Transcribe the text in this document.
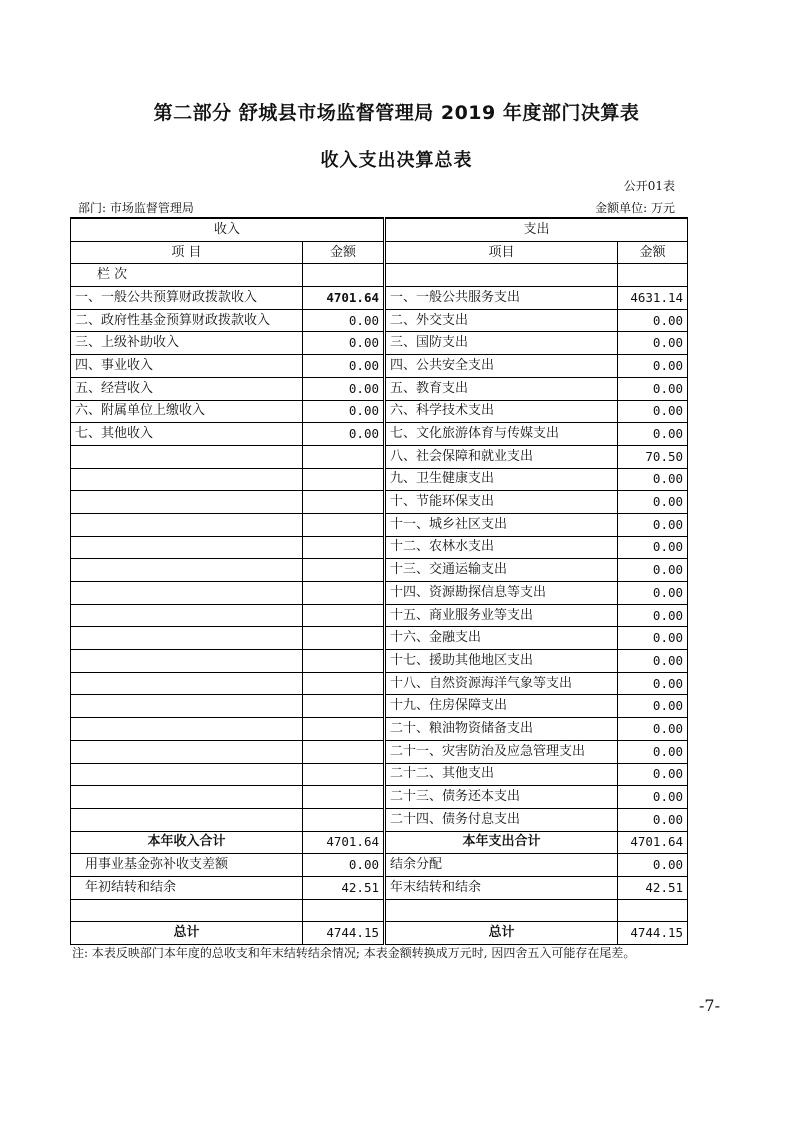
第二部分 舒城县市场监督管理局 2019 年度部门决算表
收入支出决算总表
公开01表
部门: 市场监督管理局	金额单位: 万元
收入		支出	
项 目	金额	项目	金额
栏 次			
一、一般公共预算财政拨款收入	4701.64	一、一般公共服务支出	4631.14
二、政府性基金预算财政拨款收入	0.00	二、外交支出	0.00
三、上级补助收入	0.00	三、国防支出	0.00
四、事业收入	0.00	四、公共安全支出	0.00
五、经营收入	0.00	五、教育支出	0.00
六、附属单位上缴收入	0.00	六、科学技术支出	0.00
七、其他收入	0.00	七、文化旅游体育与传媒支出	0.00
		八、社会保障和就业支出	70.50
		九、卫生健康支出	0.00
		十、节能环保支出	0.00
		十一、城乡社区支出	0.00
		十二、农林水支出	0.00
		十三、交通运输支出	0.00
		十四、资源勘探信息等支出	0.00
		十五、商业服务业等支出	0.00
		十六、金融支出	0.00
		十七、援助其他地区支出	0.00
		十八、自然资源海洋气象等支出	0.00
		十九、住房保障支出	0.00
		二十、粮油物资储备支出	0.00
		二十一、灾害防治及应急管理支出	0.00
		二十二、其他支出	0.00
		二十三、债务还本支出	0.00
		二十四、债务付息支出	0.00
本年收入合计	4701.64	本年支出合计	4701.64
用事业基金弥补收支差额	0.00	结余分配	0.00
年初结转和结余	42.51	年末结转和结余	42.51

总计	4744.15	总计	4744.15
注: 本表反映部门本年度的总收支和年末结转结余情况; 本表金额转换成万元时, 因四舍五入可能存在尾差。
-7-
